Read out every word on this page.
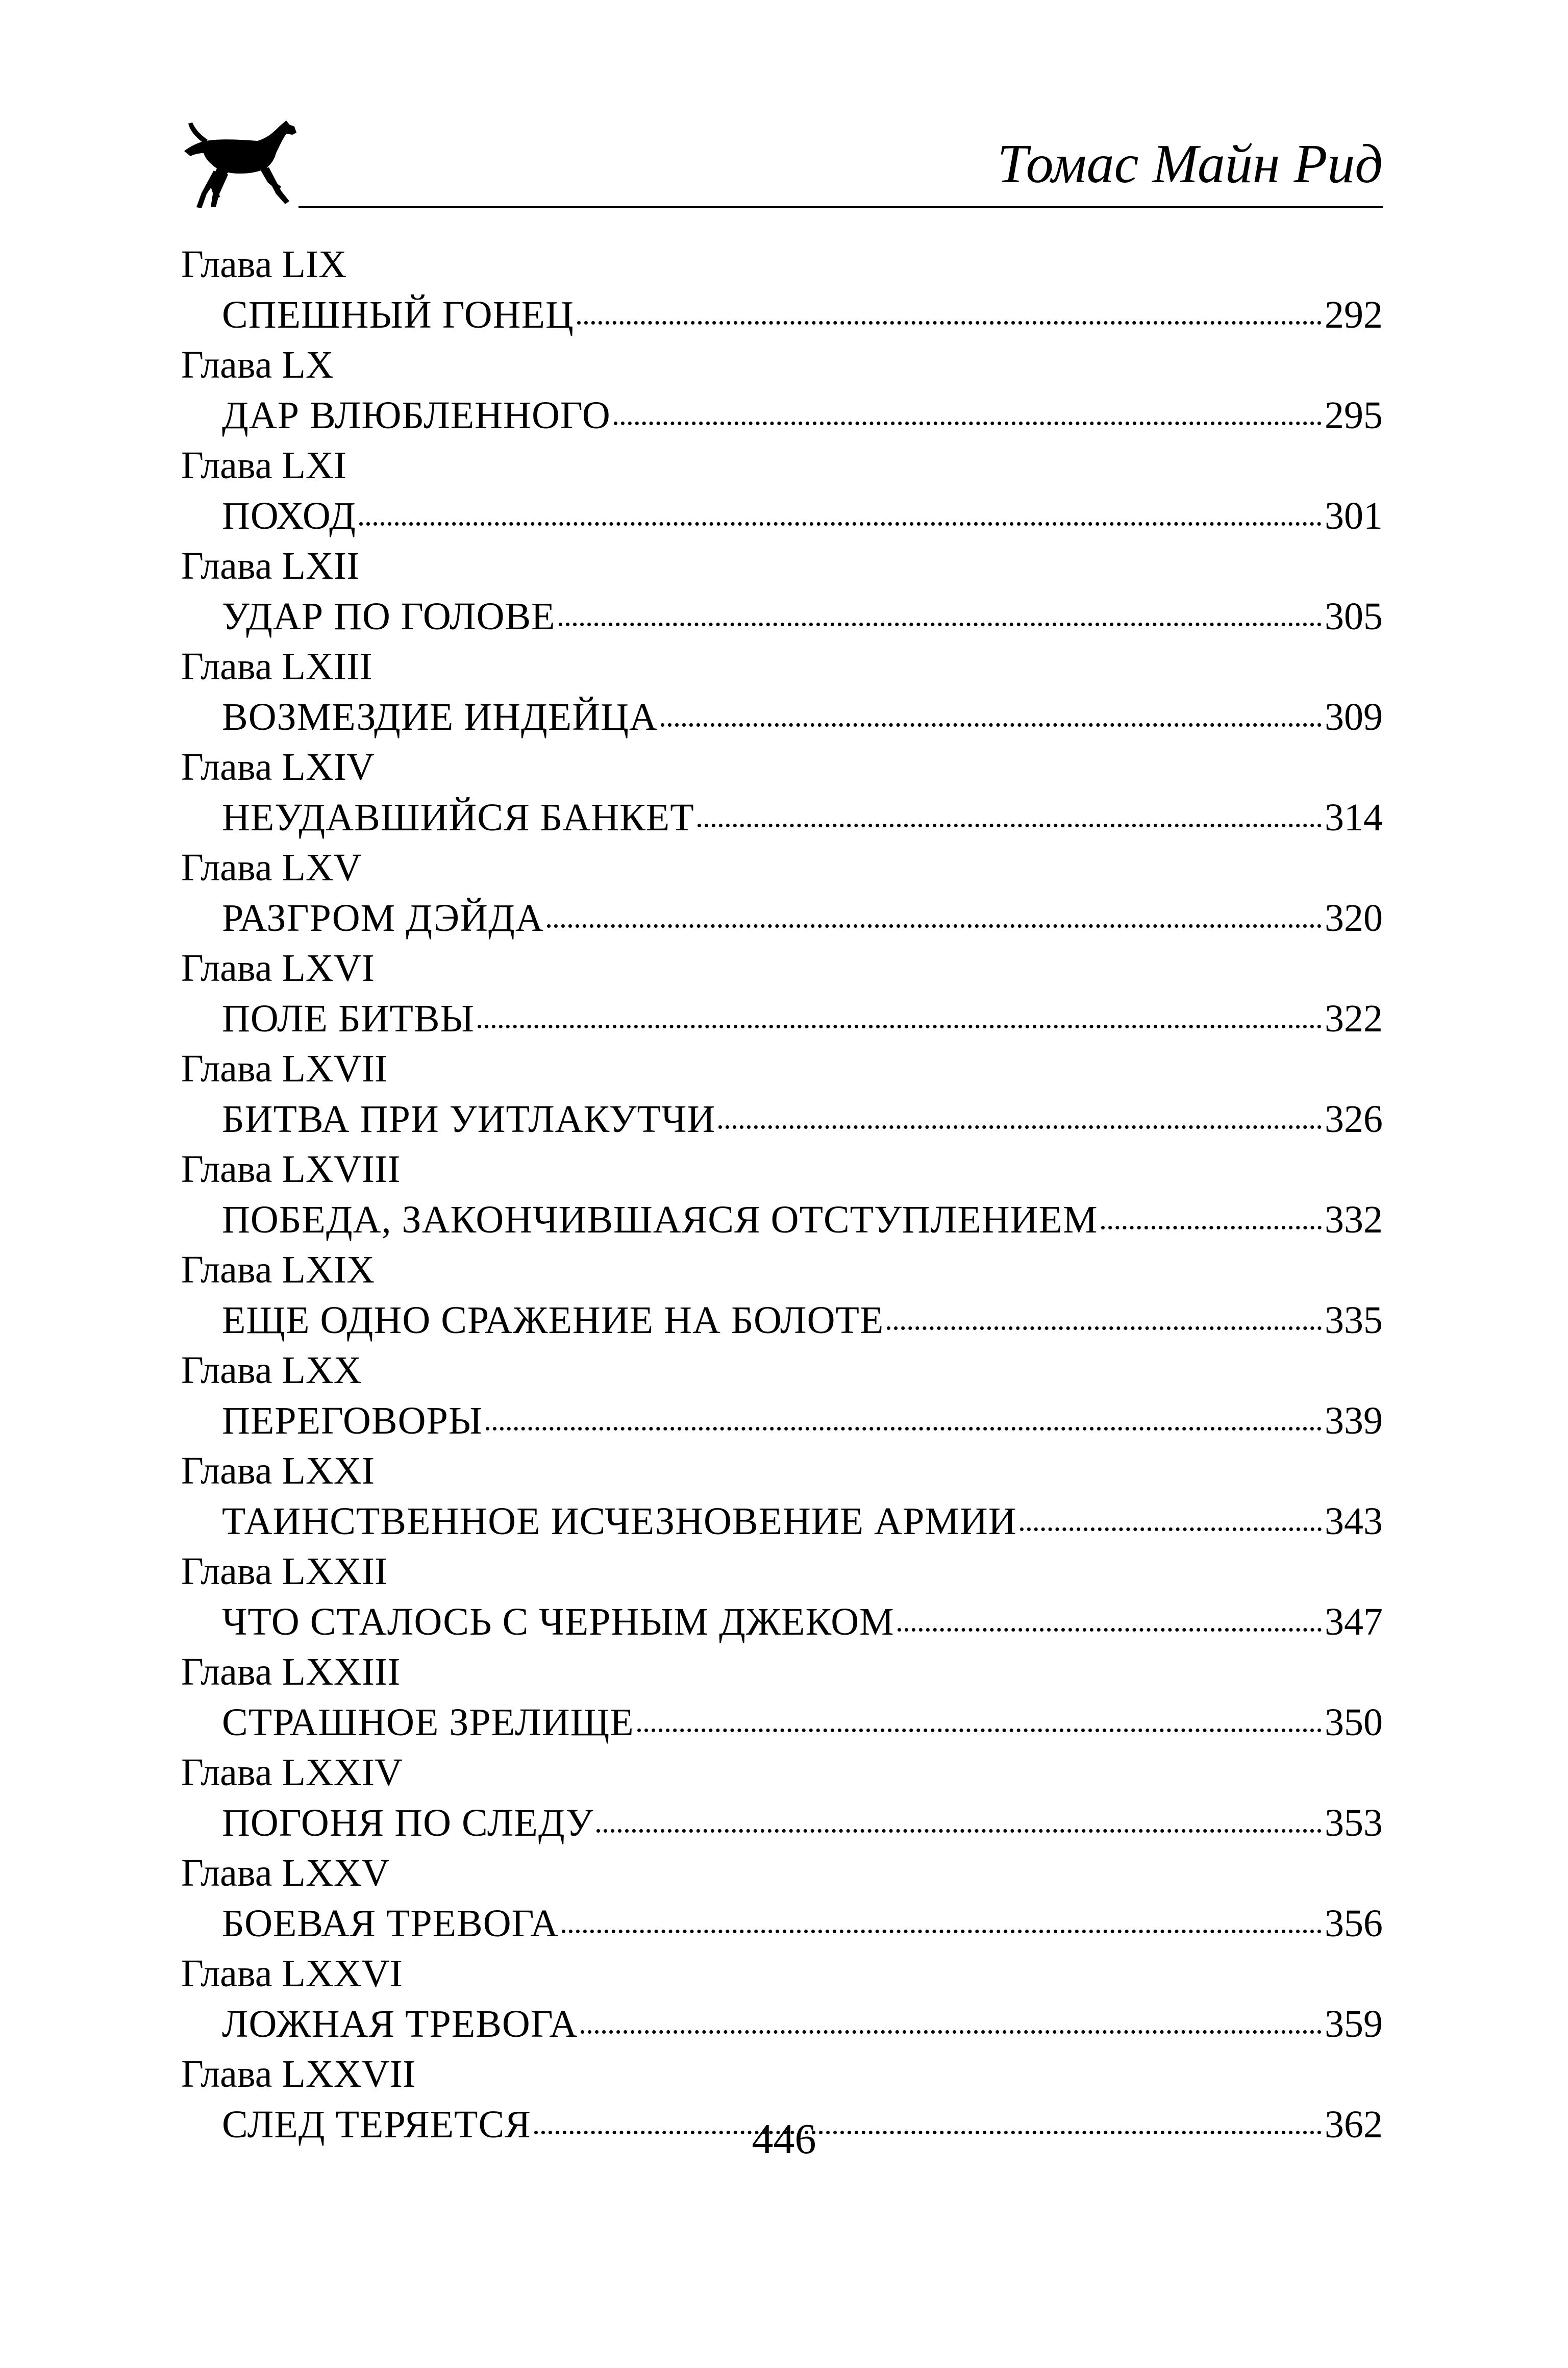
Томас Майн Рид
Глава LIX
СПЕШНЫЙ ГОНЕЦ	292
Глава LX
ДАР ВЛЮБЛЕННОГО	295
Глава LXI
ПОХОД	301
Глава LXII
УДАР ПО ГОЛОВЕ	305
Глава LXIII
ВОЗМЕЗДИЕ ИНДЕЙЦА	309
Глава LXIV
НЕУДАВШИЙСЯ БАНКЕТ	314
Глава LXV
РАЗГРОМ ДЭЙДА	320
Глава LXVI
ПОЛЕ БИТВЫ	322
Глава LXVII
БИТВА ПРИ УИТЛАКУТЧИ	326
Глава LXVIII
ПОБЕДА, ЗАКОНЧИВШАЯСЯ ОТСТУПЛЕНИЕМ	332
Глава LXIX
ЕЩЕ ОДНО СРАЖЕНИЕ НА БОЛОТЕ	335
Глава LXX
ПЕРЕГОВОРЫ	339
Глава LXXI
ТАИНСТВЕННОЕ ИСЧЕЗНОВЕНИЕ АРМИИ	343
Глава LXXII
ЧТО СТАЛОСЬ С ЧЕРНЫМ ДЖЕКОМ	347
Глава LXXIII
СТРАШНОЕ ЗРЕЛИЩЕ	350
Глава LXXIV
ПОГОНЯ ПО СЛЕДУ	353
Глава LXXV
БОЕВАЯ ТРЕВОГА	356
Глава LXXVI
ЛОЖНАЯ ТРЕВОГА	359
Глава LXXVII
СЛЕД ТЕРЯЕТСЯ	362
446
